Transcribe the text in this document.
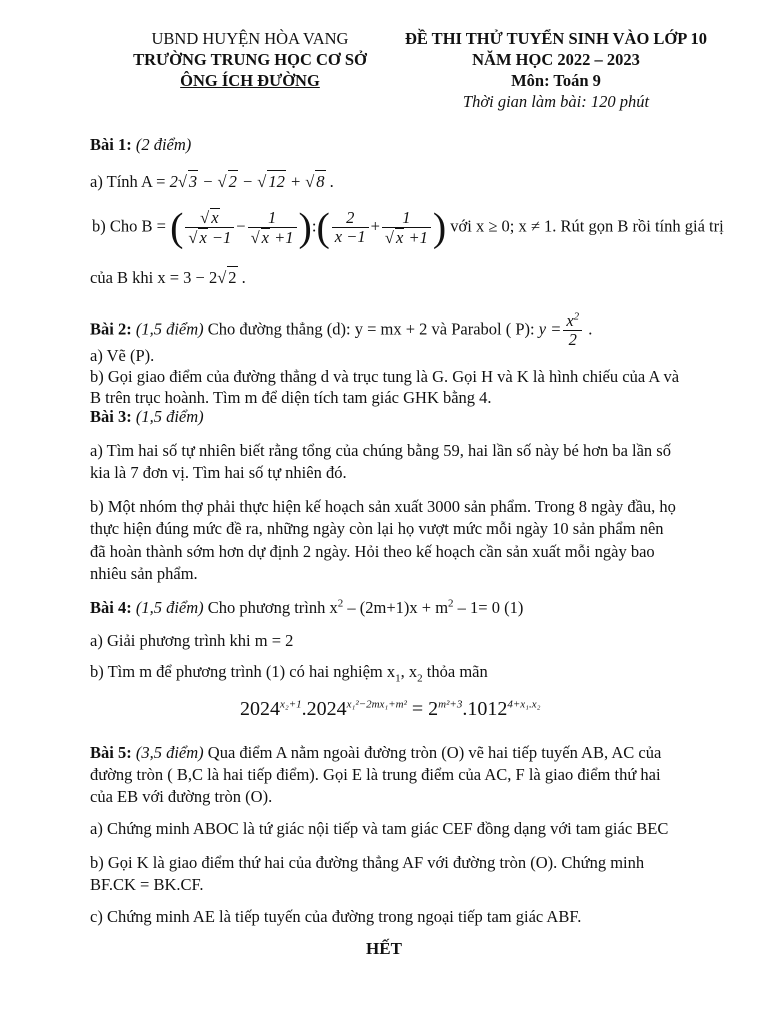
UBND HUYỆN HÒA VANG
TRƯỜNG TRUNG HỌC CƠ SỞ
ÔNG ÍCH ĐƯỜNG
ĐỀ THI THỬ TUYỂN SINH VÀO LỚP 10
NĂM HỌC 2022 – 2023
Môn: Toán 9
Thời gian làm bài: 120 phút
Bài 1: (2 điểm)
a) Tính A = 2√ 3 − √ 2 − √ 12 + √ 8 .
b) Cho B = ( $\frac{√ x}{√ x -1} - \frac{1}{√ x +1}$ ):( $\frac{2}{x -1} + \frac{1}{√ x +1}$ ) với x ≥ 0; x ≠ 1. Rút gọn B rồi tính giá trị
của B khi x = 3 − 2√ 2 .
Bài 2: (1,5 điểm) Cho đường thẳng (d): y = mx + 2 và Parabol ( P): $y = \frac{x^2}{2}$ .
a) Vẽ (P).
b) Gọi giao điểm của đường thẳng d và trục tung là G. Gọi H và K là hình chiếu của A và
B trên trục hoành. Tìm m để diện tích tam giác GHK bằng 4.
Bài 3: (1,5 điểm)
a) Tìm hai số tự nhiên biết rằng tổng của chúng bằng 59, hai lần số này bé hơn ba lần số
kia là 7 đơn vị. Tìm hai số tự nhiên đó.
b) Một nhóm thợ phải thực hiện kế hoạch sản xuất 3000 sản phẩm. Trong 8 ngày đầu, họ
thực hiện đúng mức đề ra, những ngày còn lại họ vượt mức mỗi ngày 10 sản phẩm nên
đã hoàn thành sớm hơn dự định 2 ngày. Hỏi theo kế hoạch cần sản xuất mỗi ngày bao
nhiêu sản phẩm.
Bài 4: (1,5 điểm) Cho phương trình $x^2 - (2m+1)x + m^2 - 1= 0$ (1)
a) Giải phương trình khi m = 2
b) Tìm m để phương trình (1) có hai nghiệm $x_1$, $x_2$ thỏa mãn
$2024^{x_2+1}.2024^{x_1^2-2mx_1+m^2} = 2^{m^2+3}.1012^{4+x_1.x_2}$
Bài 5: (3,5 điểm) Qua điểm A nằm ngoài đường tròn (O) vẽ hai tiếp tuyến AB, AC của
đường tròn ( B,C là hai tiếp điểm). Gọi E là trung điểm của AC, F là giao điểm thứ hai
của EB với đường tròn (O).
a) Chứng minh ABOC là tứ giác nội tiếp và tam giác CEF đồng dạng với tam giác BEC
b) Gọi K là giao điểm thứ hai của đường thẳng AF với đường tròn (O). Chứng minh
BF.CK = BK.CF.
c) Chứng minh AE là tiếp tuyến của đường trong ngoại tiếp tam giác ABF.
HẾT
